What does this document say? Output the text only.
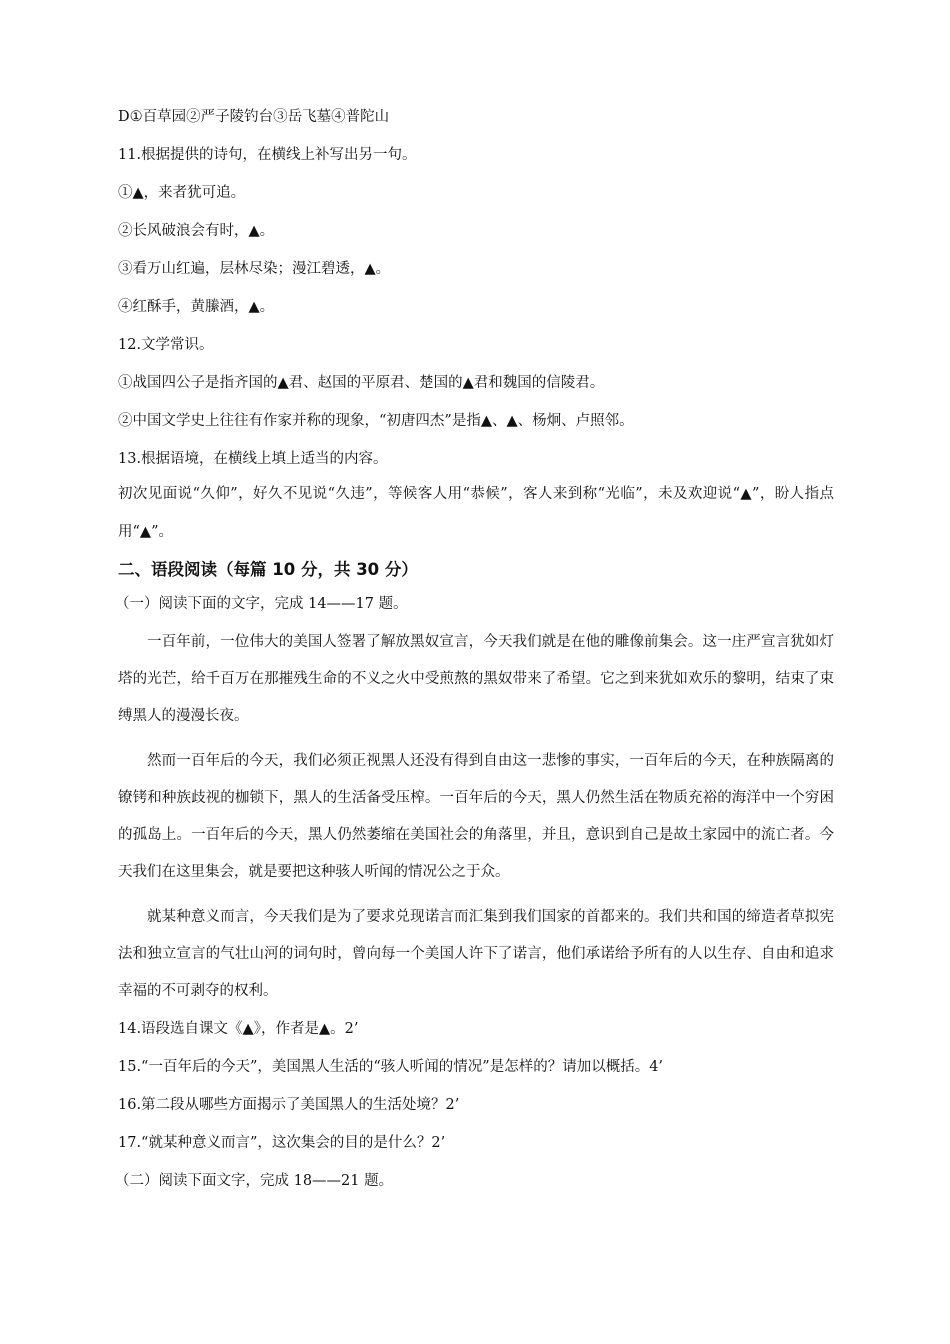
D①百草园②严子陵钓台③岳飞墓④普陀山
11.根据提供的诗句，在横线上补写出另一句。
①▲，来者犹可追。
②长风破浪会有时，▲。
③看万山红遍，层林尽染；漫江碧透，▲。
④红酥手，黄縢酒，▲。
12.文学常识。
①战国四公子是指齐国的▲君、赵国的平原君、楚国的▲君和魏国的信陵君。
②中国文学史上往往有作家并称的现象，“初唐四杰”是指▲、▲、杨炯、卢照邻。
13.根据语境，在横线上填上适当的内容。

初次见面说“久仰”，好久不见说“久违”，等候客人用“恭候”，客人来到称“光临”，未及欢迎说“▲”，盼人指点用“▲”。

二、语段阅读（每篇 10 分，共 30 分）
（一）阅读下面的文字，完成 14——17 题。

一百年前，一位伟大的美国人签署了解放黑奴宣言，今天我们就是在他的雕像前集会。这一庄严宣言犹如灯塔的光芒，给千百万在那摧残生命的不义之火中受煎熬的黑奴带来了希望。它之到来犹如欢乐的黎明，结束了束缚黑人的漫漫长夜。

然而一百年后的今天，我们必须正视黑人还没有得到自由这一悲惨的事实，一百年后的今天，在种族隔离的镣铐和种族歧视的枷锁下，黑人的生活备受压榨。一百年后的今天，黑人仍然生活在物质充裕的海洋中一个穷困的孤岛上。一百年后的今天，黑人仍然萎缩在美国社会的角落里，并且，意识到自己是故土家园中的流亡者。今天我们在这里集会，就是要把这种骇人听闻的情况公之于众。

就某种意义而言，今天我们是为了要求兑现诺言而汇集到我们国家的首都来的。我们共和国的缔造者草拟宪法和独立宣言的气壮山河的词句时，曾向每一个美国人许下了诺言，他们承诺给予所有的人以生存、自由和追求幸福的不可剥夺的权利。

14.语段选自课文《▲》，作者是▲。2’
15.“一百年后的今天”，美国黑人生活的“骇人听闻的情况”是怎样的？请加以概括。4’
16.第二段从哪些方面揭示了美国黑人的生活处境？2’
17.“就某种意义而言”，这次集会的目的是什么？2’
（二）阅读下面文字，完成 18——21 题。
